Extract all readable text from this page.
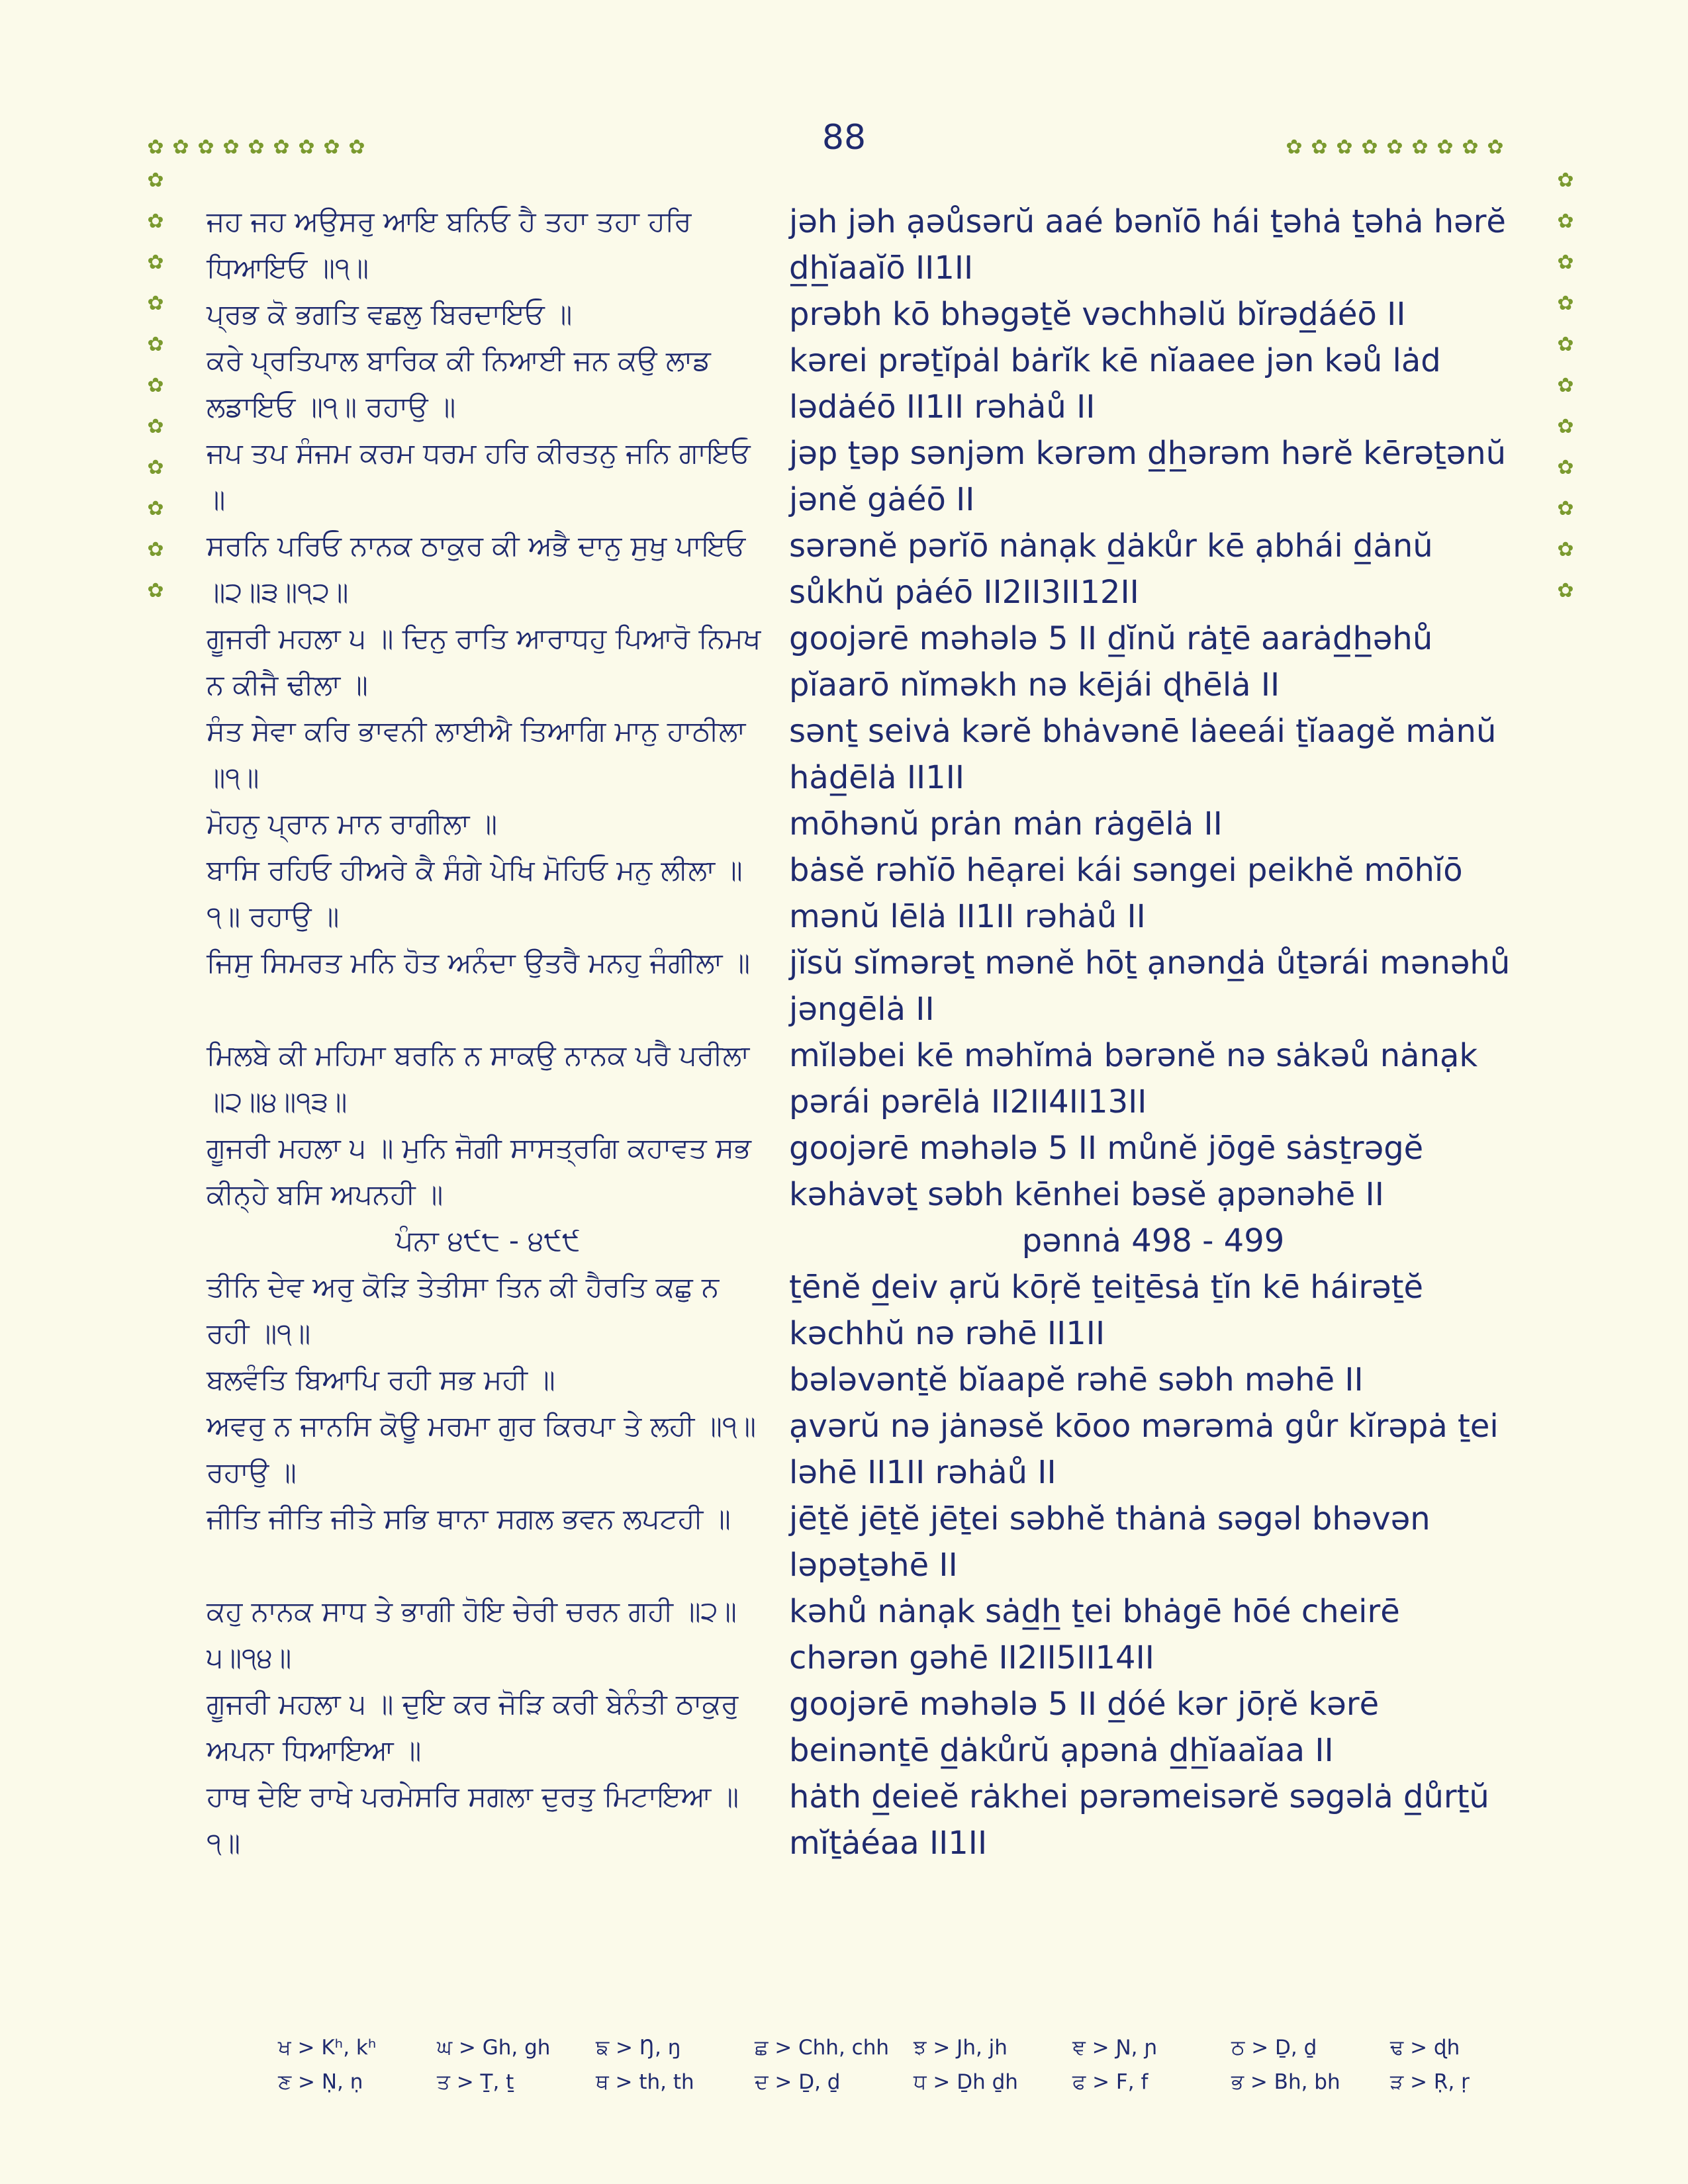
88
✿ ✿ ✿ ✿ ✿ ✿ ✿ ✿ ✿	✿ ✿ ✿ ✿ ✿ ✿ ✿ ✿ ✿
✿
✿
✿
✿
✿
✿
✿
✿
✿
✿
✿
✿
✿
✿
✿
✿
✿
✿
✿
✿
✿
✿
ਜਹ ਜਹ ਅਉਸਰੁ ਆਇ ਬਨਿਓ ਹੈ ਤਹਾ ਤਹਾ ਹਰਿ ਧਿਆਇਓ ॥੧॥
jəh jəh ạəůsərŭ aaé bənĭō hái ṯəhȧ ṯəhȧ hərĕ d̲h̲ĭaaĭō II1II
ਪ੍ਰਭ ਕੋ ਭਗਤਿ ਵਛਲੁ ਬਿਰਦਾਇਓ ॥	prəbh kō bhəgəṯĕ vəchhəlŭ bĭrəd̲áéō II
ਕਰੇ ਪ੍ਰਤਿਪਾਲ ਬਾਰਿਕ ਕੀ ਨਿਆਈ ਜਨ ਕਉ ਲਾਡ ਲਡਾਇਓ ॥੧॥ ਰਹਾਉ ॥
kərei prəṯĭpȧl bȧrĭk kē nĭaaee jən kəů lȧd lədȧéō II1II rəhȧů II
ਜਪ ਤਪ ਸੰਜਮ ਕਰਮ ਧਰਮ ਹਰਿ ਕੀਰਤਨੁ ਜਨਿ ਗਾਇਓ ॥
jəp ṯəp sənjəm kərəm d̲h̲ərəm hərĕ kērəṯənŭ jənĕ gȧéō II
ਸਰਨਿ ਪਰਿਓ ਨਾਨਕ ਠਾਕੁਰ ਕੀ ਅਭੈ ਦਾਨੁ ਸੁਖੁ ਪਾਇਓ ॥੨॥੩॥੧੨॥
sərənĕ pərĭō nȧnạk d̲ȧkůr kē ạbhái d̲ȧnŭ sůkhŭ pȧéō II2II3II12II
ਗੂਜਰੀ ਮਹਲਾ ੫ ॥ ਦਿਨੁ ਰਾਤਿ ਆਰਾਧਹੁ ਪਿਆਰੋ ਨਿਮਖ ਨ ਕੀਜੈ ਢੀਲਾ ॥
goojərē məhələ 5 II d̲ĭnŭ rȧṯē aarȧd̲h̲əhů pĭaarō nĭməkh nə kējái ɖhēlȧ II
ਸੰਤ ਸੇਵਾ ਕਰਿ ਭਾਵਨੀ ਲਾਈਐ ਤਿਆਗਿ ਮਾਨੁ ਹਾਠੀਲਾ ॥੧॥
sənṯ seivȧ kərĕ bhȧvənē lȧeeái ṯĭaagĕ mȧnŭ hȧd̲ēlȧ II1II
ਮੋਹਨੁ ਪ੍ਰਾਨ ਮਾਨ ਰਾਗੀਲਾ ॥	mōhənŭ prȧn mȧn rȧgēlȧ II
ਬਾਸਿ ਰਹਿਓ ਹੀਅਰੇ ਕੈ ਸੰਗੇ ਪੇਖਿ ਮੋਹਿਓ ਮਨੁ ਲੀਲਾ ॥੧॥ ਰਹਾਉ ॥
bȧsĕ rəhĭō hēạrei kái səngei peikhĕ mōhĭō mənŭ lēlȧ II1II rəhȧů II
ਜਿਸੁ ਸਿਮਰਤ ਮਨਿ ਹੋਤ ਅਨੰਦਾ ਉਤਰੈ ਮਨਹੁ ਜੰਗੀਲਾ ॥	jĭsŭ sĭmərəṯ mənĕ hōṯ ạnənd̲ȧ ůṯərái mənəhů jəngēlȧ II
ਮਿਲਬੇ ਕੀ ਮਹਿਮਾ ਬਰਨਿ ਨ ਸਾਕਉ ਨਾਨਕ ਪਰੈ ਪਰੀਲਾ ॥੨॥੪॥੧੩॥
mĭləbei kē məhĭmȧ bərənĕ nə sȧkəů nȧnạk pərái pərēlȧ II2II4II13II
ਗੂਜਰੀ ਮਹਲਾ ੫ ॥ ਮੁਨਿ ਜੋਗੀ ਸਾਸਤ੍ਰਗਿ ਕਹਾਵਤ ਸਭ ਕੀਨ੍ਹੇ ਬਸਿ ਅਪਨਹੀ ॥
goojərē məhələ 5 II můnĕ jōgē sȧsṯrəgĕ kəhȧvəṯ səbh kēnhei bəsĕ ạpənəhē II
ਪੰਨਾ ੪੯੮ - ੪੯੯	pənnȧ 498 - 499
ਤੀਨਿ ਦੇਵ ਅਰੁ ਕੋੜਿ ਤੇਤੀਸਾ ਤਿਨ ਕੀ ਹੈਰਤਿ ਕਛੁ ਨ ਰਹੀ ॥੧॥
ṯēnĕ d̲eiv ạrŭ kōṛĕ ṯeiṯēsȧ ṯĭn kē háirəṯĕ kəchhŭ nə rəhē II1II
ਬਲਵੰਤਿ ਬਿਆਪਿ ਰਹੀ ਸਭ ਮਹੀ ॥	bələvənṯĕ bĭaapĕ rəhē səbh məhē II
ਅਵਰੁ ਨ ਜਾਨਸਿ ਕੋਊ ਮਰਮਾ ਗੁਰ ਕਿਰਪਾ ਤੇ ਲਹੀ ॥੧॥ ਰਹਾਉ ॥
ạvərŭ nə jȧnəsĕ kōoo mərəmȧ gůr kĭrəpȧ ṯei ləhē II1II rəhȧů II
ਜੀਤਿ ਜੀਤਿ ਜੀਤੇ ਸਭਿ ਥਾਨਾ ਸਗਲ ਭਵਨ ਲਪਟਹੀ ॥	jēṯĕ jēṯĕ jēṯei səbhĕ thȧnȧ səgəl bhəvən ləpəṯəhē II
ਕਹੁ ਨਾਨਕ ਸਾਧ ਤੇ ਭਾਗੀ ਹੋਇ ਚੇਰੀ ਚਰਨ ਗਹੀ ॥੨॥੫॥੧੪॥
kəhů nȧnạk sȧd̲h̲ ṯei bhȧgē hōé cheirē chərən gəhē II2II5II14II
ਗੂਜਰੀ ਮਹਲਾ ੫ ॥ ਦੁਇ ਕਰ ਜੋੜਿ ਕਰੀ ਬੇਨੰਤੀ ਠਾਕੁਰੁ ਅਪਨਾ ਧਿਆਇਆ ॥
goojərē məhələ 5 II d̲óé kər jōṛĕ kərē beinənṯē d̲ȧkůrŭ ạpənȧ d̲h̲ĭaaĭaa II
ਹਾਥ ਦੇਇ ਰਾਖੇ ਪਰਮੇਸਰਿ ਸਗਲਾ ਦੁਰਤੁ ਮਿਟਾਇਆ ॥੧॥
hȧth d̲eieĕ rȧkhei pərəmeisərĕ səgəlȧ d̲ůrṯŭ mĭṯȧéaa II1II
ਖ > Kʰ, kʰ	ਘ > Gh, gh	ਙ > Ŋ, ŋ	ਛ > Chh, chh	ਝ > Jh, jh	ਞ > Ɲ, ɲ	ਠ > Ḏ, ḏ	ਢ > ɖh
ਣ > Ṇ, ṇ	ਤ > Ṯ, ṯ	ਥ > th, th	ਦ > Ḏ, ḏ	ਧ > Ḏh ḏh	ਫ > F, f	ਭ > Bh, bh	ੜ > Ṛ, ṛ
